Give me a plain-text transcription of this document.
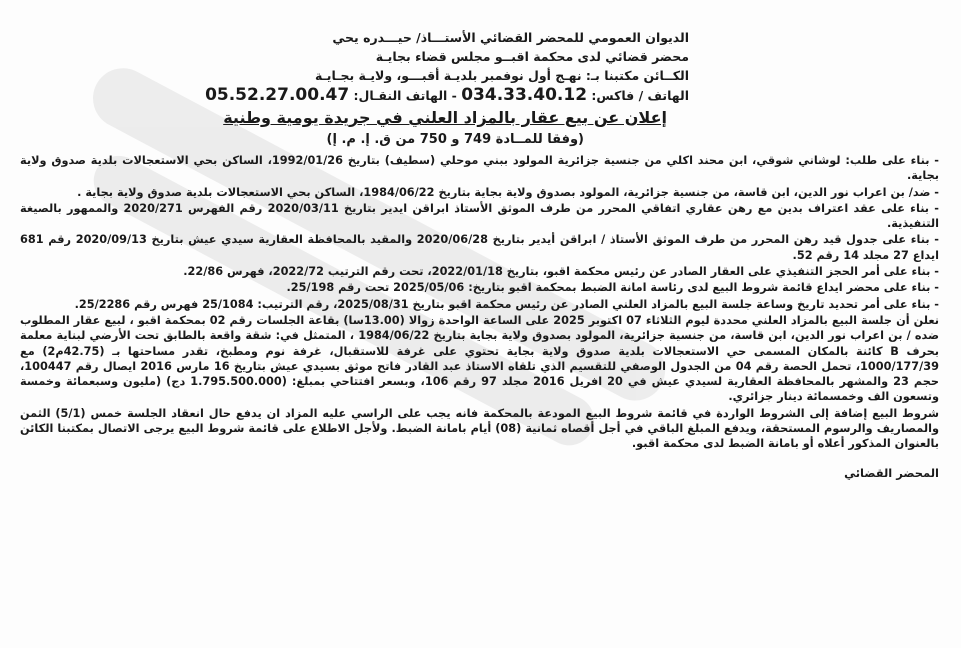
الديوان العمومي للمحضر القضائي الأستـــاذ/ حيـــدره يحي
محضر قضائي لدى محكمة اقبــو مجلس قضاء بجايـة
الكــائن مكتبنا بـ: نهـج أول نوفمبر بلديـة أقبـــو، ولايـة بجـايـة
الهاتف / فاكس: 034.33.40.12 - الهاتف النقـال: 05.52.27.00.47
إعلان عن بيع عقار بالمزاد العلني في جريدة يومية وطنية
(وفقا للمــادة 749 و 750 من ق. إ. م. إ)

- بناء على طلب: لوشاني شوقي، ابن محند اكلي من جنسية جزائرية المولود ببني موحلي (سطيف) بتاريخ 1992/01/26، الساكن بحي الاستعجالات بلدية صدوق ولاية بجاية.

- ضد/ بن اعراب نور الدين، ابن قاسة، من جنسية جزائرية، المولود بصدوق ولاية بجاية بتاريخ 1984/06/22، الساكن بحي الاستعجالات بلدية صدوق ولاية بجاية .

- بناء على عقد اعتراف بدين مع رهن عقاري اتفاقي المحرر من طرف الموثق الأستاذ ابراقن ايدير بتاريخ 2020/03/11 رقم الفهرس 2020/271 والممهور بالصيغة التنفيذية.

- بناء على جدول قيد رهن المحرر من طرف الموثق الأستاذ / ابراقن أيدير بتاريخ 2020/06/28 والمقيد بالمحافظة العقارية سيدي عيش بتاريخ 2020/09/13 رقم 681 ايداع 27 مجلد 14 رقم 52.

- بناء على أمر الحجز التنفيذي على العقار الصادر عن رئيس محكمة اقبو، بتاريخ 2022/01/18، تحت رقم الترتيب 2022/72، فهرس 22/86.

- بناء على محضر ايداع قائمة شروط البيع لدى رئاسة امانة الضبط بمحكمة اقبو بتاريخ: 2025/05/06 تحت رقم 25/198.

- بناء على أمر تحديد تاريخ وساعة جلسة البيع بالمزاد العلني الصادر عن رئيس محكمة اقبو بتاريخ 2025/08/31، رقم الترتيب: 25/1084 فهرس رقم 25/2286.

نعلن أن جلسة البيع بالمزاد العلني محددة ليوم الثلاثاء 07 اكتوبر 2025 على الساعة الواحدة زوالا (13.00سا) بقاعة الجلسات رقم 02 بمحكمة اقبو ، لبيع عقار المطلوب ضده / بن اعراب نور الدين، ابن قاسة، من جنسية جزائرية، المولود بصدوق ولاية بجاية بتاريخ 1984/06/22 ، المتمثل في: شقة واقعة بالطابق تحت الأرضي لبناية معلمة بحرف B كائنة بالمكان المسمى حي الاستعجالات بلدية صدوق ولاية بجاية تحتوي على غرفة للاستقبال، غرفة نوم ومطبخ، تقدر مساحتها بـ (42.75م2) مع 1000/177/39، تحمل الحصة رقم 04 من الجدول الوصفي للتقسيم الذي تلقاه الاستاذ عبد القادر فاتح موثق بسيدي عيش بتاريخ 16 مارس 2016 ايصال رقم 100447، حجم 23 والمشهر بالمحافظة العقارية لسيدي عيش في 20 افريل 2016 مجلد 97 رقم 106، وبسعر افتتاحي بمبلغ: (1.795.500.000 دج) (مليون وسبعمائة وخمسة وتسعون الف وخمسمائة دينار جزائري.

شروط البيع إضافة إلى الشروط الواردة في قائمة شروط البيع المودعة بالمحكمة فانه يجب على الراسي عليه المزاد ان يدفع حال انعقاد الجلسة خمس (5/1) الثمن والمصاريف والرسوم المستحقة، ويدفع المبلغ الباقي في أجل أقصاه ثمانية (08) أيام بامانة الضبط. ولأجل الاطلاع على قائمة شروط البيع يرجى الاتصال بمكتبنا الكائن بالعنوان المذكور أعلاه أو بامانة الضبط لدى محكمة اقبو.

المحضر القضائي
